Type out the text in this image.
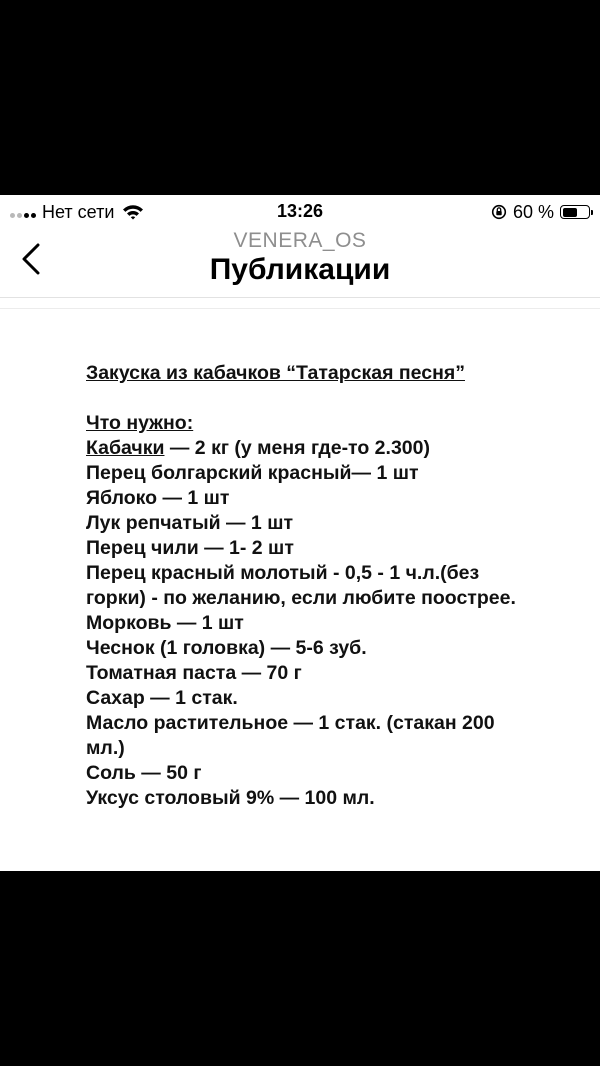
Нет сети	13:26	60 %
VENERA_OS
Публикации

Закуска из кабачков “Татарская песня”

Что нужно:

Кабачки — 2 кг (у меня где-то 2.300)

Перец болгарский красный— 1 шт

Яблоко — 1 шт

Лук репчатый — 1 шт

Перец чили — 1- 2 шт

Перец красный молотый - 0,5 - 1 ч.л.(без
горки) - по желанию, если любите поострее.

Морковь — 1 шт

Чеснок (1 головка) — 5-6 зуб.

Томатная паста — 70 г

Сахар — 1 стак.

Масло растительное — 1 стак. (стакан 200
мл.)

Соль — 50 г

Уксус столовый 9% — 100 мл.
